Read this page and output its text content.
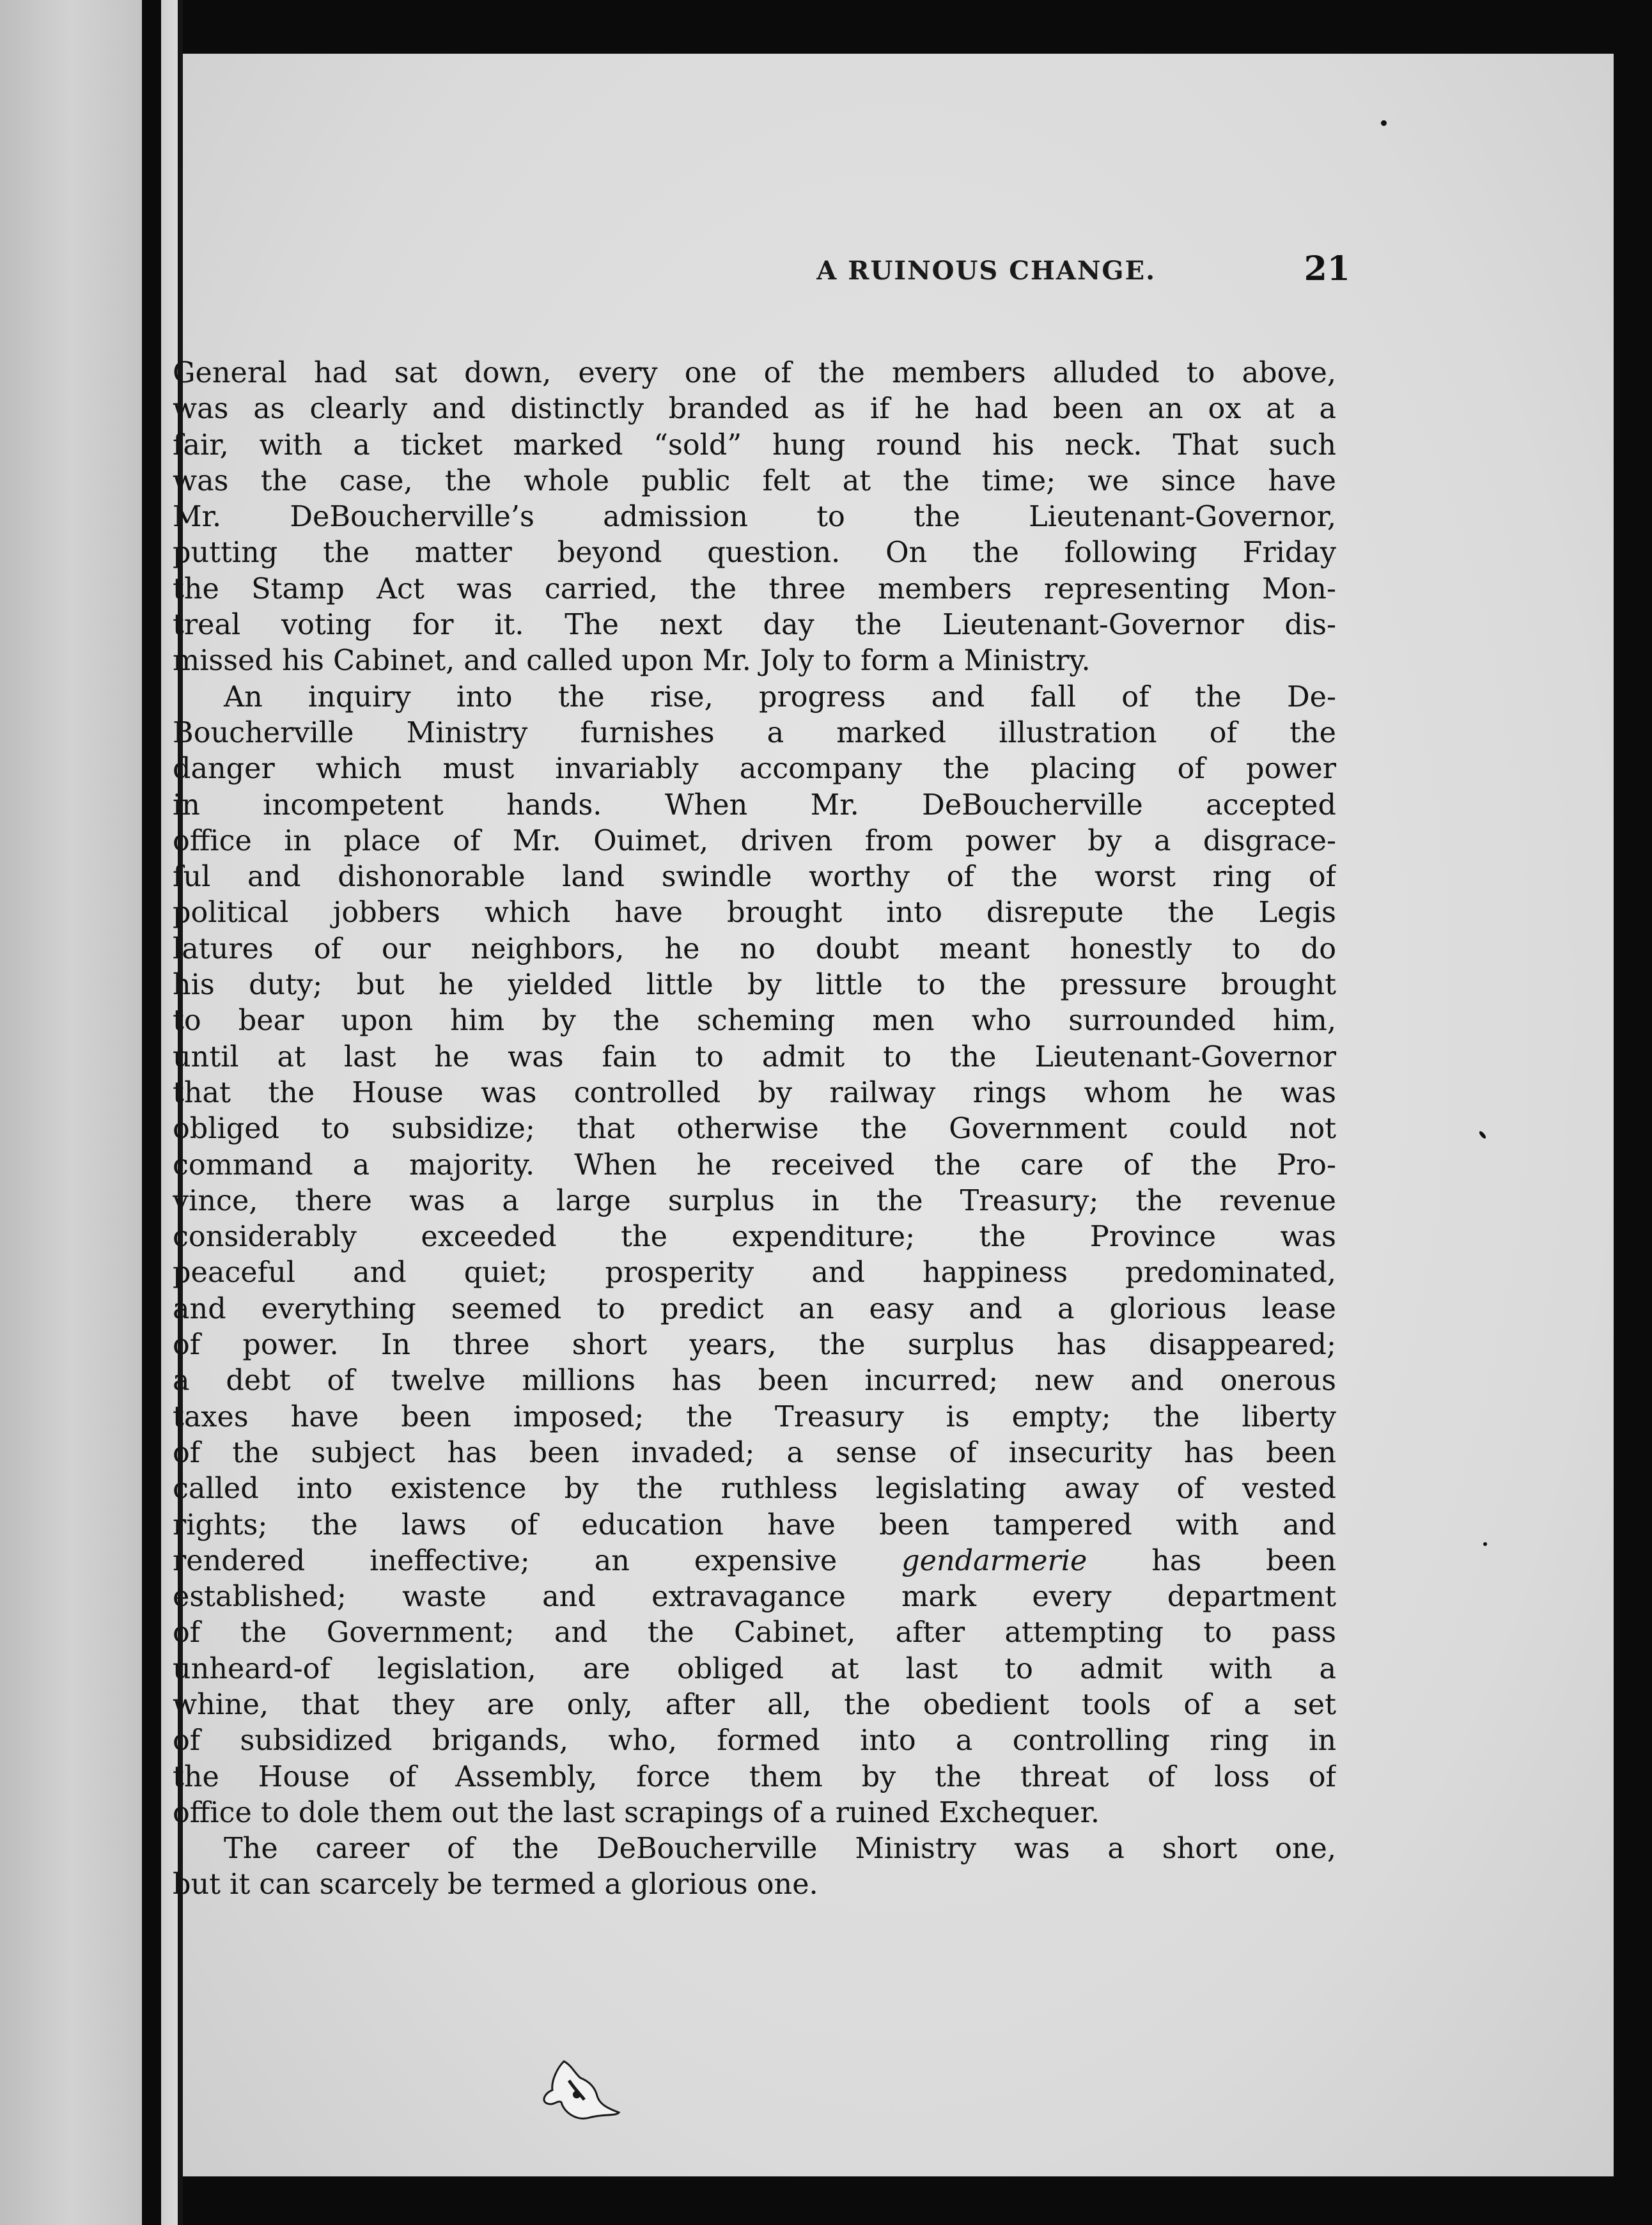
A RUINOUS CHANGE.	21
General had sat down, every one of the members alluded to above,
was as clearly and distinctly branded as if he had been an ox at a
fair, with a ticket marked “sold” hung round his neck. That such
was the case, the whole public felt at the time; we since have
Mr. DeBoucherville’s admission to the Lieutenant-Governor,
putting the matter beyond question. On the following Friday
the Stamp Act was carried, the three members representing Mon-
treal voting for it. The next day the Lieutenant-Governor dis-
missed his Cabinet, and called upon Mr. Joly to form a Ministry.
An inquiry into the rise, progress and fall of the De-
Boucherville Ministry furnishes a marked illustration of the
danger which must invariably accompany the placing of power
in incompetent hands. When Mr. DeBoucherville accepted
office in place of Mr. Ouimet, driven from power by a disgrace-
ful and dishonorable land swindle worthy of the worst ring of
political jobbers which have brought into disrepute the Legis
latures of our neighbors, he no doubt meant honestly to do
his duty; but he yielded little by little to the pressure brought
to bear upon him by the scheming men who surrounded him,
until at last he was fain to admit to the Lieutenant-Governor
that the House was controlled by railway rings whom he was
obliged to subsidize; that otherwise the Government could not
command a majority. When he received the care of the Pro-
vince, there was a large surplus in the Treasury; the revenue
considerably exceeded the expenditure; the Province was
peaceful and quiet; prosperity and happiness predominated,
and everything seemed to predict an easy and a glorious lease
of power. In three short years, the surplus has disappeared;
a debt of twelve millions has been incurred; new and onerous
taxes have been imposed; the Treasury is empty; the liberty
of the subject has been invaded; a sense of insecurity has been
called into existence by the ruthless legislating away of vested
rights; the laws of education have been tampered with and
rendered ineffective; an expensive gendarmerie has been
established; waste and extravagance mark every department
of the Government; and the Cabinet, after attempting to pass
unheard-of legislation, are obliged at last to admit with a
whine, that they are only, after all, the obedient tools of a set
of subsidized brigands, who, formed into a controlling ring in
the House of Assembly, force them by the threat of loss of
office to dole them out the last scrapings of a ruined Exchequer.
The career of the DeBoucherville Ministry was a short one,
but it can scarcely be termed a glorious one.
